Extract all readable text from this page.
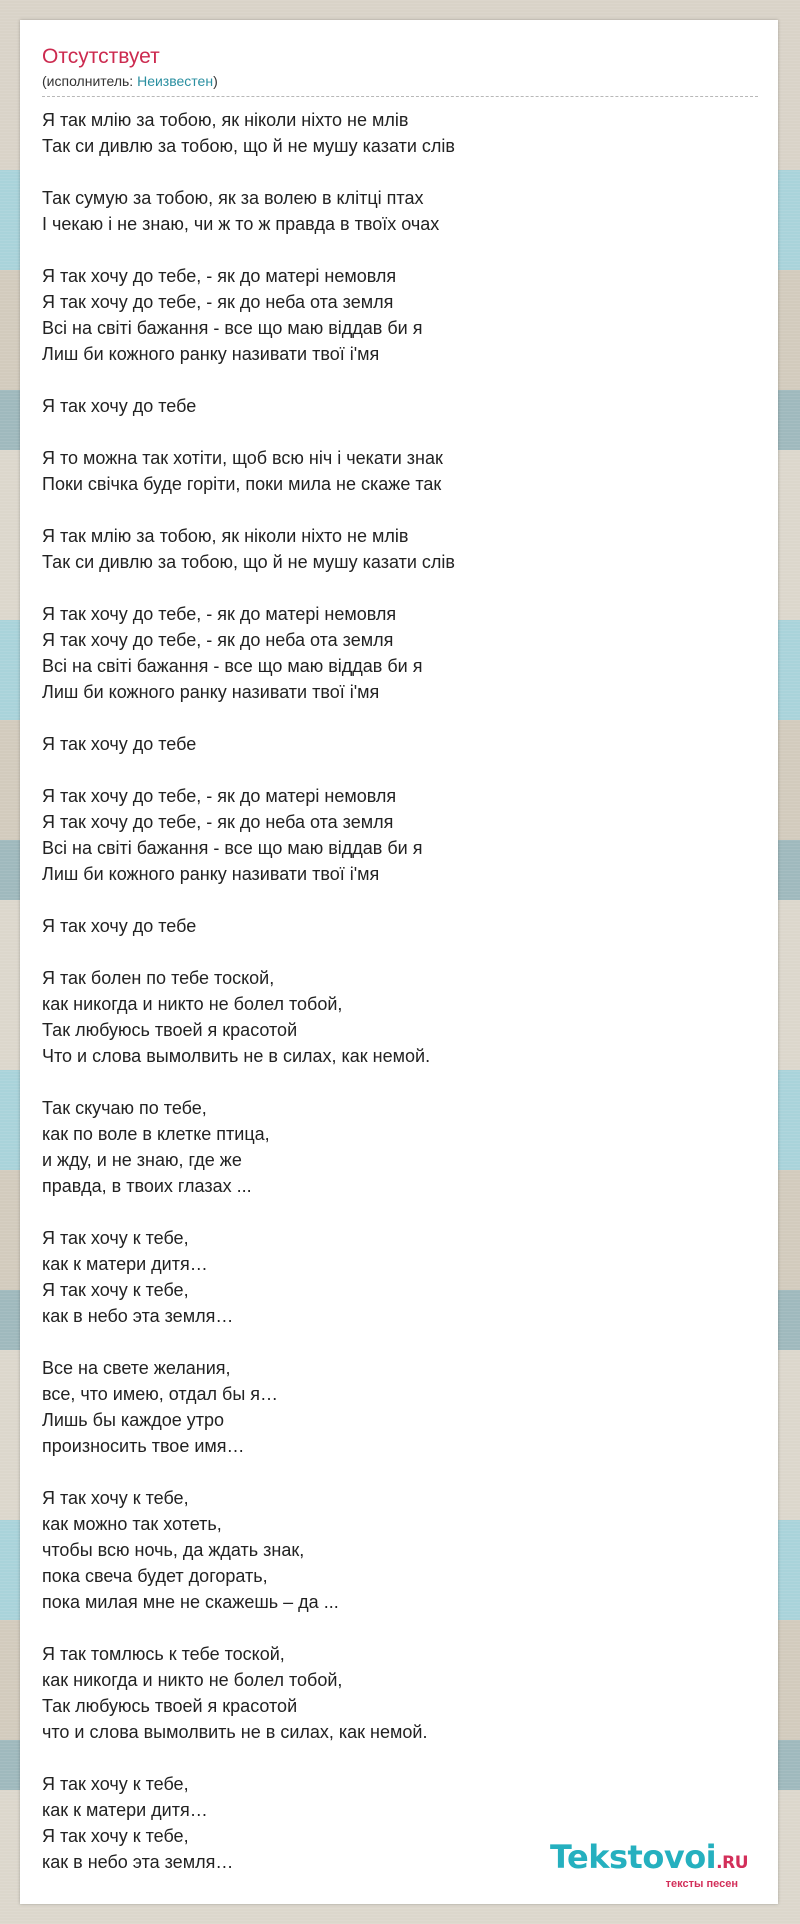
Отсутствует
(исполнитель: Неизвестен)
Я так млію за тобою, як ніколи ніхто не млів
Так си дивлю за тобою, що й не мушу казати слів

Так сумую за тобою, як за волею в клітці птах
І чекаю і не знаю, чи ж то ж правда в твоїх очах

Я так хочу до тебе, - як до матері немовля
Я так хочу до тебе, - як до неба ота земля
Всі на світі бажання - все що маю віддав би я
Лиш би кожного ранку називати твої і'мя

Я так хочу до тебе

Я то можна так хотіти, щоб всю ніч і чекати знак
Поки свічка буде горіти, поки мила не скаже так

Я так млію за тобою, як ніколи ніхто не млів
Так си дивлю за тобою, що й не мушу казати слів

Я так хочу до тебе, - як до матері немовля
Я так хочу до тебе, - як до неба ота земля
Всі на світі бажання - все що маю віддав би я
Лиш би кожного ранку називати твої і'мя

Я так хочу до тебе

Я так хочу до тебе, - як до матері немовля
Я так хочу до тебе, - як до неба ота земля
Всі на світі бажання - все що маю віддав би я
Лиш би кожного ранку називати твої і'мя

Я так хочу до тебе

Я так болен по тебе тоской,
как никогда и никто не болел тобой,
Так любуюсь твоей я красотой
Что и слова вымолвить не в силах, как немой.

Так скучаю по тебе,
как по воле в клетке птица,
и жду, и не знаю, где же
правда, в твоих глазах ...

Я так хочу к тебе,
как к матери дитя…
Я так хочу к тебе,
как в небо эта земля…

Все на свете желания,
все, что имею, отдал бы я…
Лишь бы каждое утро
произносить твое имя…

Я так хочу к тебе,
как можно так хотеть,
чтобы всю ночь, да ждать знак,
пока свеча будет догорать,
пока милая мне не скажешь – да ...

Я так томлюсь к тебе тоской,
как никогда и никто не болел тобой,
Так любуюсь твоей я красотой
что и слова вымолвить не в силах, как немой.

Я так хочу к тебе,
как к матери дитя…
Я так хочу к тебе,
как в небо эта земля…	Tekstovoi.RU
тексты песен
